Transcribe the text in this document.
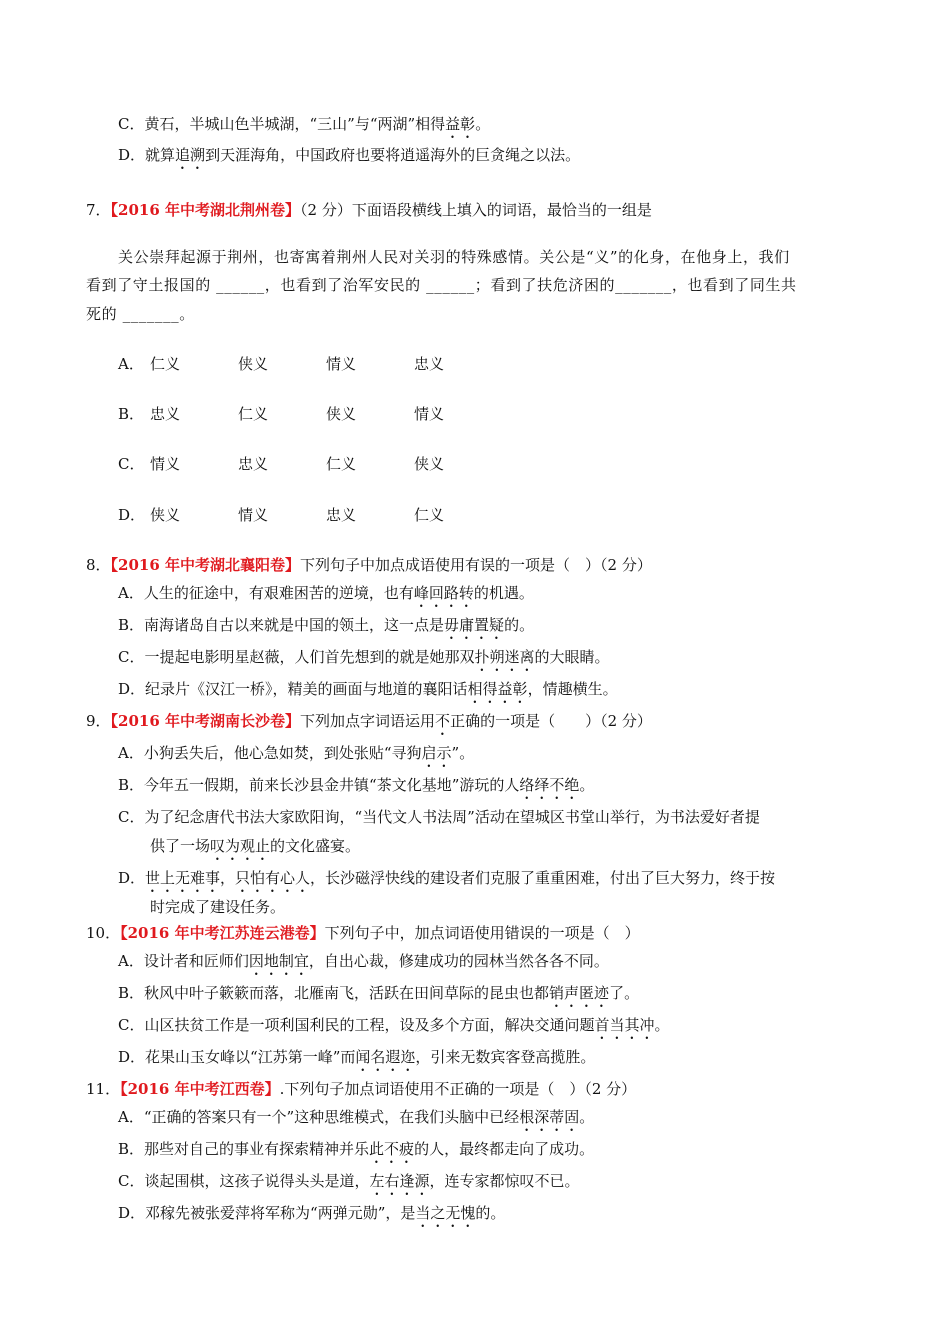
C．黄石，半城山色半城湖，“三山”与“两湖”相得益彰。
D．就算追溯到天涯海角，中国政府也要将逍遥海外的巨贪绳之以法。
7．【2016 年中考湖北荆州卷】（2 分）下面语段横线上填入的词语，最恰当的一组是
关公崇拜起源于荆州，也寄寓着荆州人民对关羽的特殊感情。关公是“义”的化身，在他身上，我们
看到了守土报国的 ______，也看到了治军安民的 ______；看到了扶危济困的_______，也看到了同生共
死的 _______。
A． 仁义	侠义	情义	忠义
B． 忠义	仁义	侠义	情义
C． 情义	忠义	仁义	侠义
D． 侠义	情义	忠义	仁义
8．【2016 年中考湖北襄阳卷】下列句子中加点成语使用有误的一项是（　）（2 分）
A．人生的征途中，有艰难困苦的逆境，也有峰回路转的机遇。
B．南海诸岛自古以来就是中国的领土，这一点是毋庸置疑的。
C．一提起电影明星赵薇，人们首先想到的就是她那双扑朔迷离的大眼睛。
D．纪录片《汉江一桥》，精美的画面与地道的襄阳话相得益彰，情趣横生。
9．【2016 年中考湖南长沙卷】下列加点字词语运用不正确的一项是（　　）（2 分）
A．小狗丢失后，他心急如焚，到处张贴“寻狗启示”。
B．今年五一假期，前来长沙县金井镇“茶文化基地”游玩的人络绎不绝。
C．为了纪念唐代书法大家欧阳询，“当代文人书法周”活动在望城区书堂山举行，为书法爱好者提
供了一场叹为观止的文化盛宴。
D．世上无难事，只怕有心人，长沙磁浮快线的建设者们克服了重重困难，付出了巨大努力，终于按
时完成了建设任务。
10．【2016 年中考江苏连云港卷】下列句子中，加点词语使用错误的一项是（　）
A．设计者和匠师们因地制宜，自出心裁，修建成功的园林当然各各不同。
B．秋风中叶子簌簌而落，北雁南飞，活跃在田间草际的昆虫也都销声匿迹了。
C．山区扶贫工作是一项利国利民的工程，设及多个方面，解决交通问题首当其冲。
D．花果山玉女峰以“江苏第一峰”而闻名遐迩，引来无数宾客登高揽胜。
11．【2016 年中考江西卷】.下列句子加点词语使用不正确的一项是（　）（2 分）
A．“正确的答案只有一个”这种思维模式，在我们头脑中已经根深蒂固。
B．那些对自己的事业有探索精神并乐此不疲的人，最终都走向了成功。
C．谈起围棋，这孩子说得头头是道，左右逢源，连专家都惊叹不已。
D．邓稼先被张爱萍将军称为“两弹元勋”，是当之无愧的。
